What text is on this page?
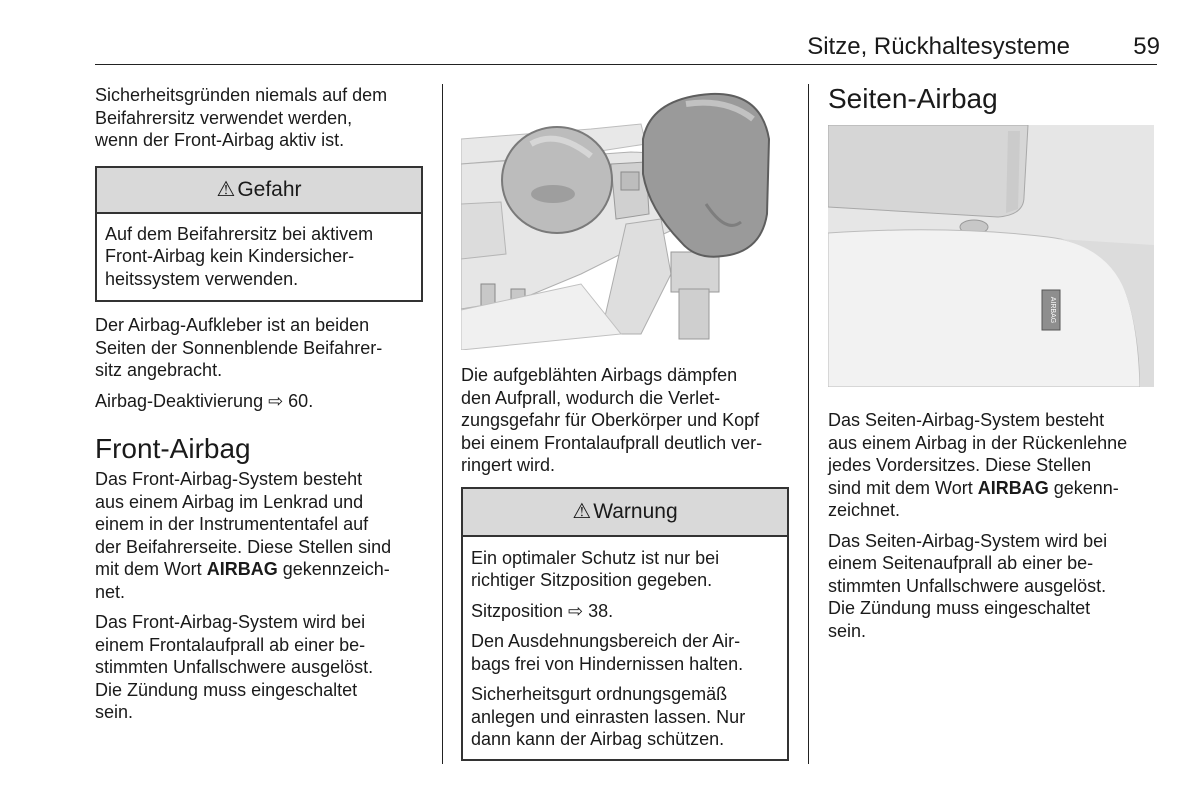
Sitze, Rückhaltesysteme	59

Sicherheitsgründen niemals auf dem
Beifahrersitz verwendet werden,
wenn der Front-Airbag aktiv ist.

⚠Gefahr
Auf dem Beifahrersitz bei aktivem
Front-Airbag kein Kindersicher-
heitssystem verwenden.

Der Airbag-Aufkleber ist an beiden
Seiten der Sonnenblende Beifahrer-
sitz angebracht.

Airbag-Deaktivierung ⇨ 60.

Front-Airbag

Das Front-Airbag-System besteht
aus einem Airbag im Lenkrad und
einem in der Instrumententafel auf
der Beifahrerseite. Diese Stellen sind
mit dem Wort AIRBAG gekennzeich-
net.

Das Front-Airbag-System wird bei
einem Frontalaufprall ab einer be-
stimmten Unfallschwere ausgelöst.
Die Zündung muss eingeschaltet
sein.

Die aufgeblähten Airbags dämpfen
den Aufprall, wodurch die Verlet-
zungsgefahr für Oberkörper und Kopf
bei einem Frontalaufprall deutlich ver-
ringert wird.

⚠Warnung

Ein optimaler Schutz ist nur bei
richtiger Sitzposition gegeben.

Sitzposition ⇨ 38.

Den Ausdehnungsbereich der Air-
bags frei von Hindernissen halten.

Sicherheitsgurt ordnungsgemäß
anlegen und einrasten lassen. Nur
dann kann der Airbag schützen.

Seiten-Airbag
AIRBAG

Das Seiten-Airbag-System besteht
aus einem Airbag in der Rückenlehne
jedes Vordersitzes. Diese Stellen
sind mit dem Wort AIRBAG gekenn-
zeichnet.

Das Seiten-Airbag-System wird bei
einem Seitenaufprall ab einer be-
stimmten Unfallschwere ausgelöst.
Die Zündung muss eingeschaltet
sein.
